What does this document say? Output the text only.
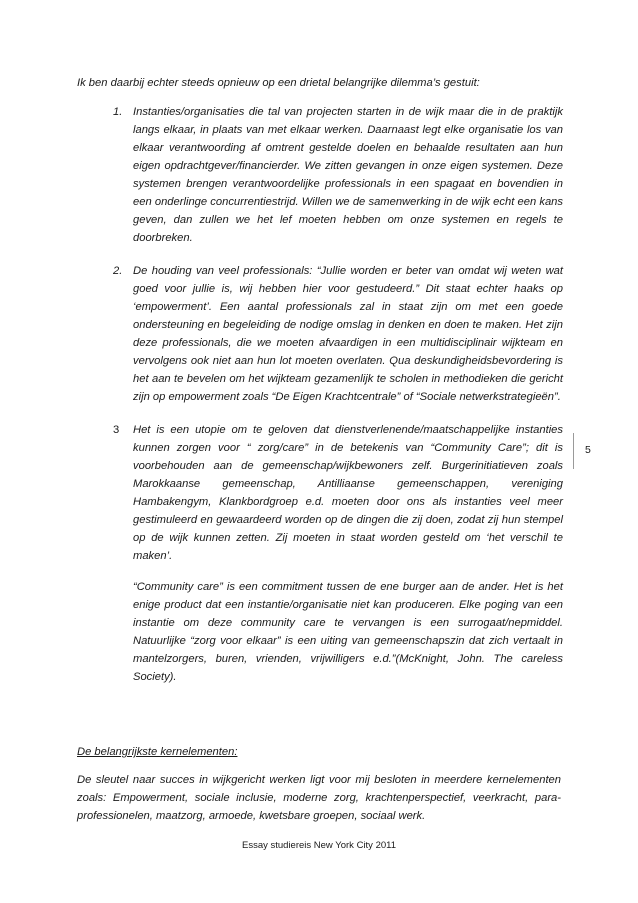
Ik ben daarbij echter steeds opnieuw op een drietal belangrijke dilemma’s gestuit:
1. Instanties/organisaties die tal van projecten starten in de wijk maar die in de praktijk langs elkaar, in plaats van met elkaar werken. Daarnaast legt elke organisatie los van elkaar verantwoording af omtrent gestelde doelen en behaalde resultaten aan hun eigen opdrachtgever/financierder. We zitten gevangen in onze eigen systemen. Deze systemen brengen verantwoordelijke professionals in een spagaat en bovendien in een onderlinge concurrentiestrijd. Willen we de samenwerking in de wijk echt een kans geven, dan zullen we het lef moeten hebben om onze systemen en regels te doorbreken.
2. De houding van veel professionals: “Jullie worden er beter van omdat wij weten wat goed voor jullie is, wij hebben hier voor gestudeerd.” Dit staat echter haaks op ‘empowerment’. Een aantal professionals zal in staat zijn om met een goede ondersteuning en begeleiding de nodige omslag in denken en doen te maken. Het zijn deze professionals, die we moeten afvaardigen in een multidisciplinair wijkteam en vervolgens ook niet aan hun lot moeten overlaten. Qua deskundigheidsbevordering is het aan te bevelen om het wijkteam gezamenlijk te scholen in methodieken die gericht zijn op empowerment zoals “De Eigen Krachtcentrale” of “Sociale netwerkstrategieën”.
3	Het is een utopie om te geloven dat dienstverlenende/maatschappelijke instanties kunnen zorgen voor “ zorg/care” in de betekenis van “Community Care”; dit is voorbehouden aan de gemeenschap/wijkbewoners zelf. Burgerinitiatieven zoals Marokkaanse gemeenschap, Antilliaanse gemeenschappen, vereniging Hambakengym, Klankbordgroep e.d. moeten door ons als instanties veel meer gestimuleerd en gewaardeerd worden op de dingen die zij doen, zodat zij hun stempel op de wijk kunnen zetten. Zij moeten in staat worden gesteld om ‘het verschil te maken’.
“Community care” is een commitment tussen de ene burger aan de ander. Het is het enige product dat een instantie/organisatie niet kan produceren. Elke poging van een instantie om deze community care te vervangen is een surrogaat/nepmiddel. Natuurlijke “zorg voor elkaar” is een uiting van gemeenschapszin dat zich vertaalt in mantelzorgers, buren, vrienden, vrijwilligers e.d.”(McKnight, John. The careless Society).
De belangrijkste kernelementen:
De sleutel naar succes in wijkgericht werken ligt voor mij besloten in meerdere kernelementen zoals: Empowerment, sociale inclusie, moderne zorg, krachtenperspectief, veerkracht, para-professionelen, maatzorg, armoede, kwetsbare groepen, sociaal werk.
5
Essay studiereis New York City 2011
